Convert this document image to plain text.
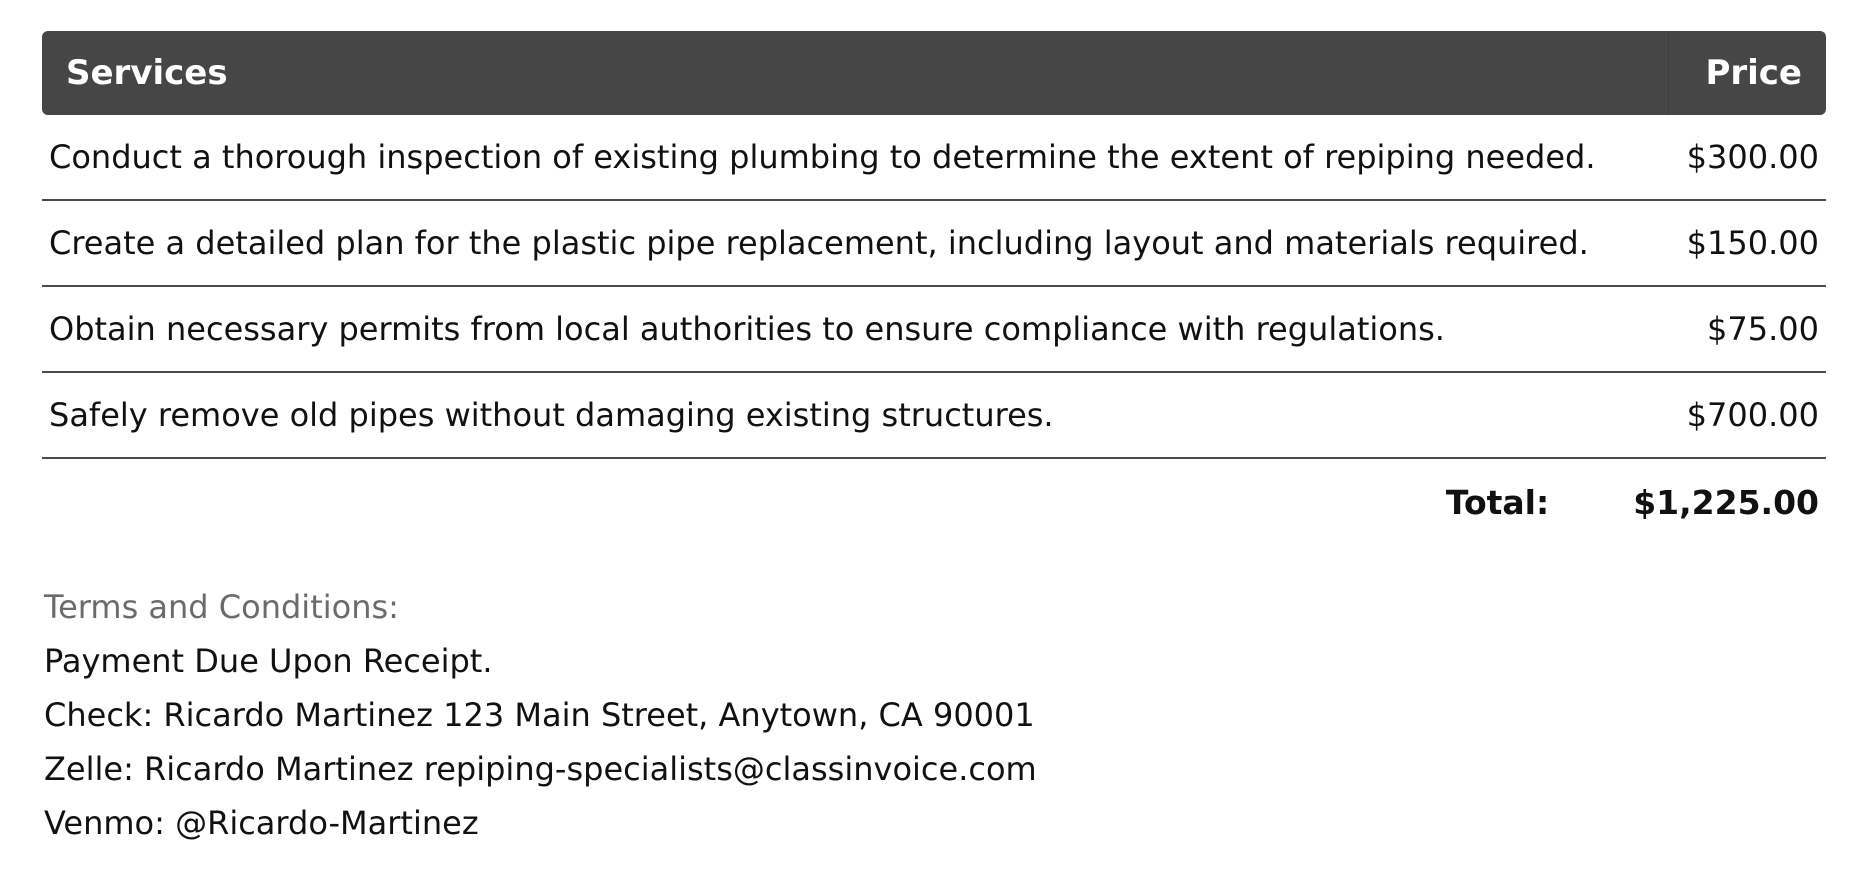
Services	Price
Conduct a thorough inspection of existing plumbing to determine the extent of repiping needed.	$300.00
Create a detailed plan for the plastic pipe replacement, including layout and materials required.	$150.00
Obtain necessary permits from local authorities to ensure compliance with regulations.	$75.00
Safely remove old pipes without damaging existing structures.	$700.00
Total:	$1,225.00
Terms and Conditions:
Payment Due Upon Receipt.
Check: Ricardo Martinez 123 Main Street, Anytown, CA 90001
Zelle: Ricardo Martinez repiping-specialists@classinvoice.com
Venmo: @Ricardo-Martinez
